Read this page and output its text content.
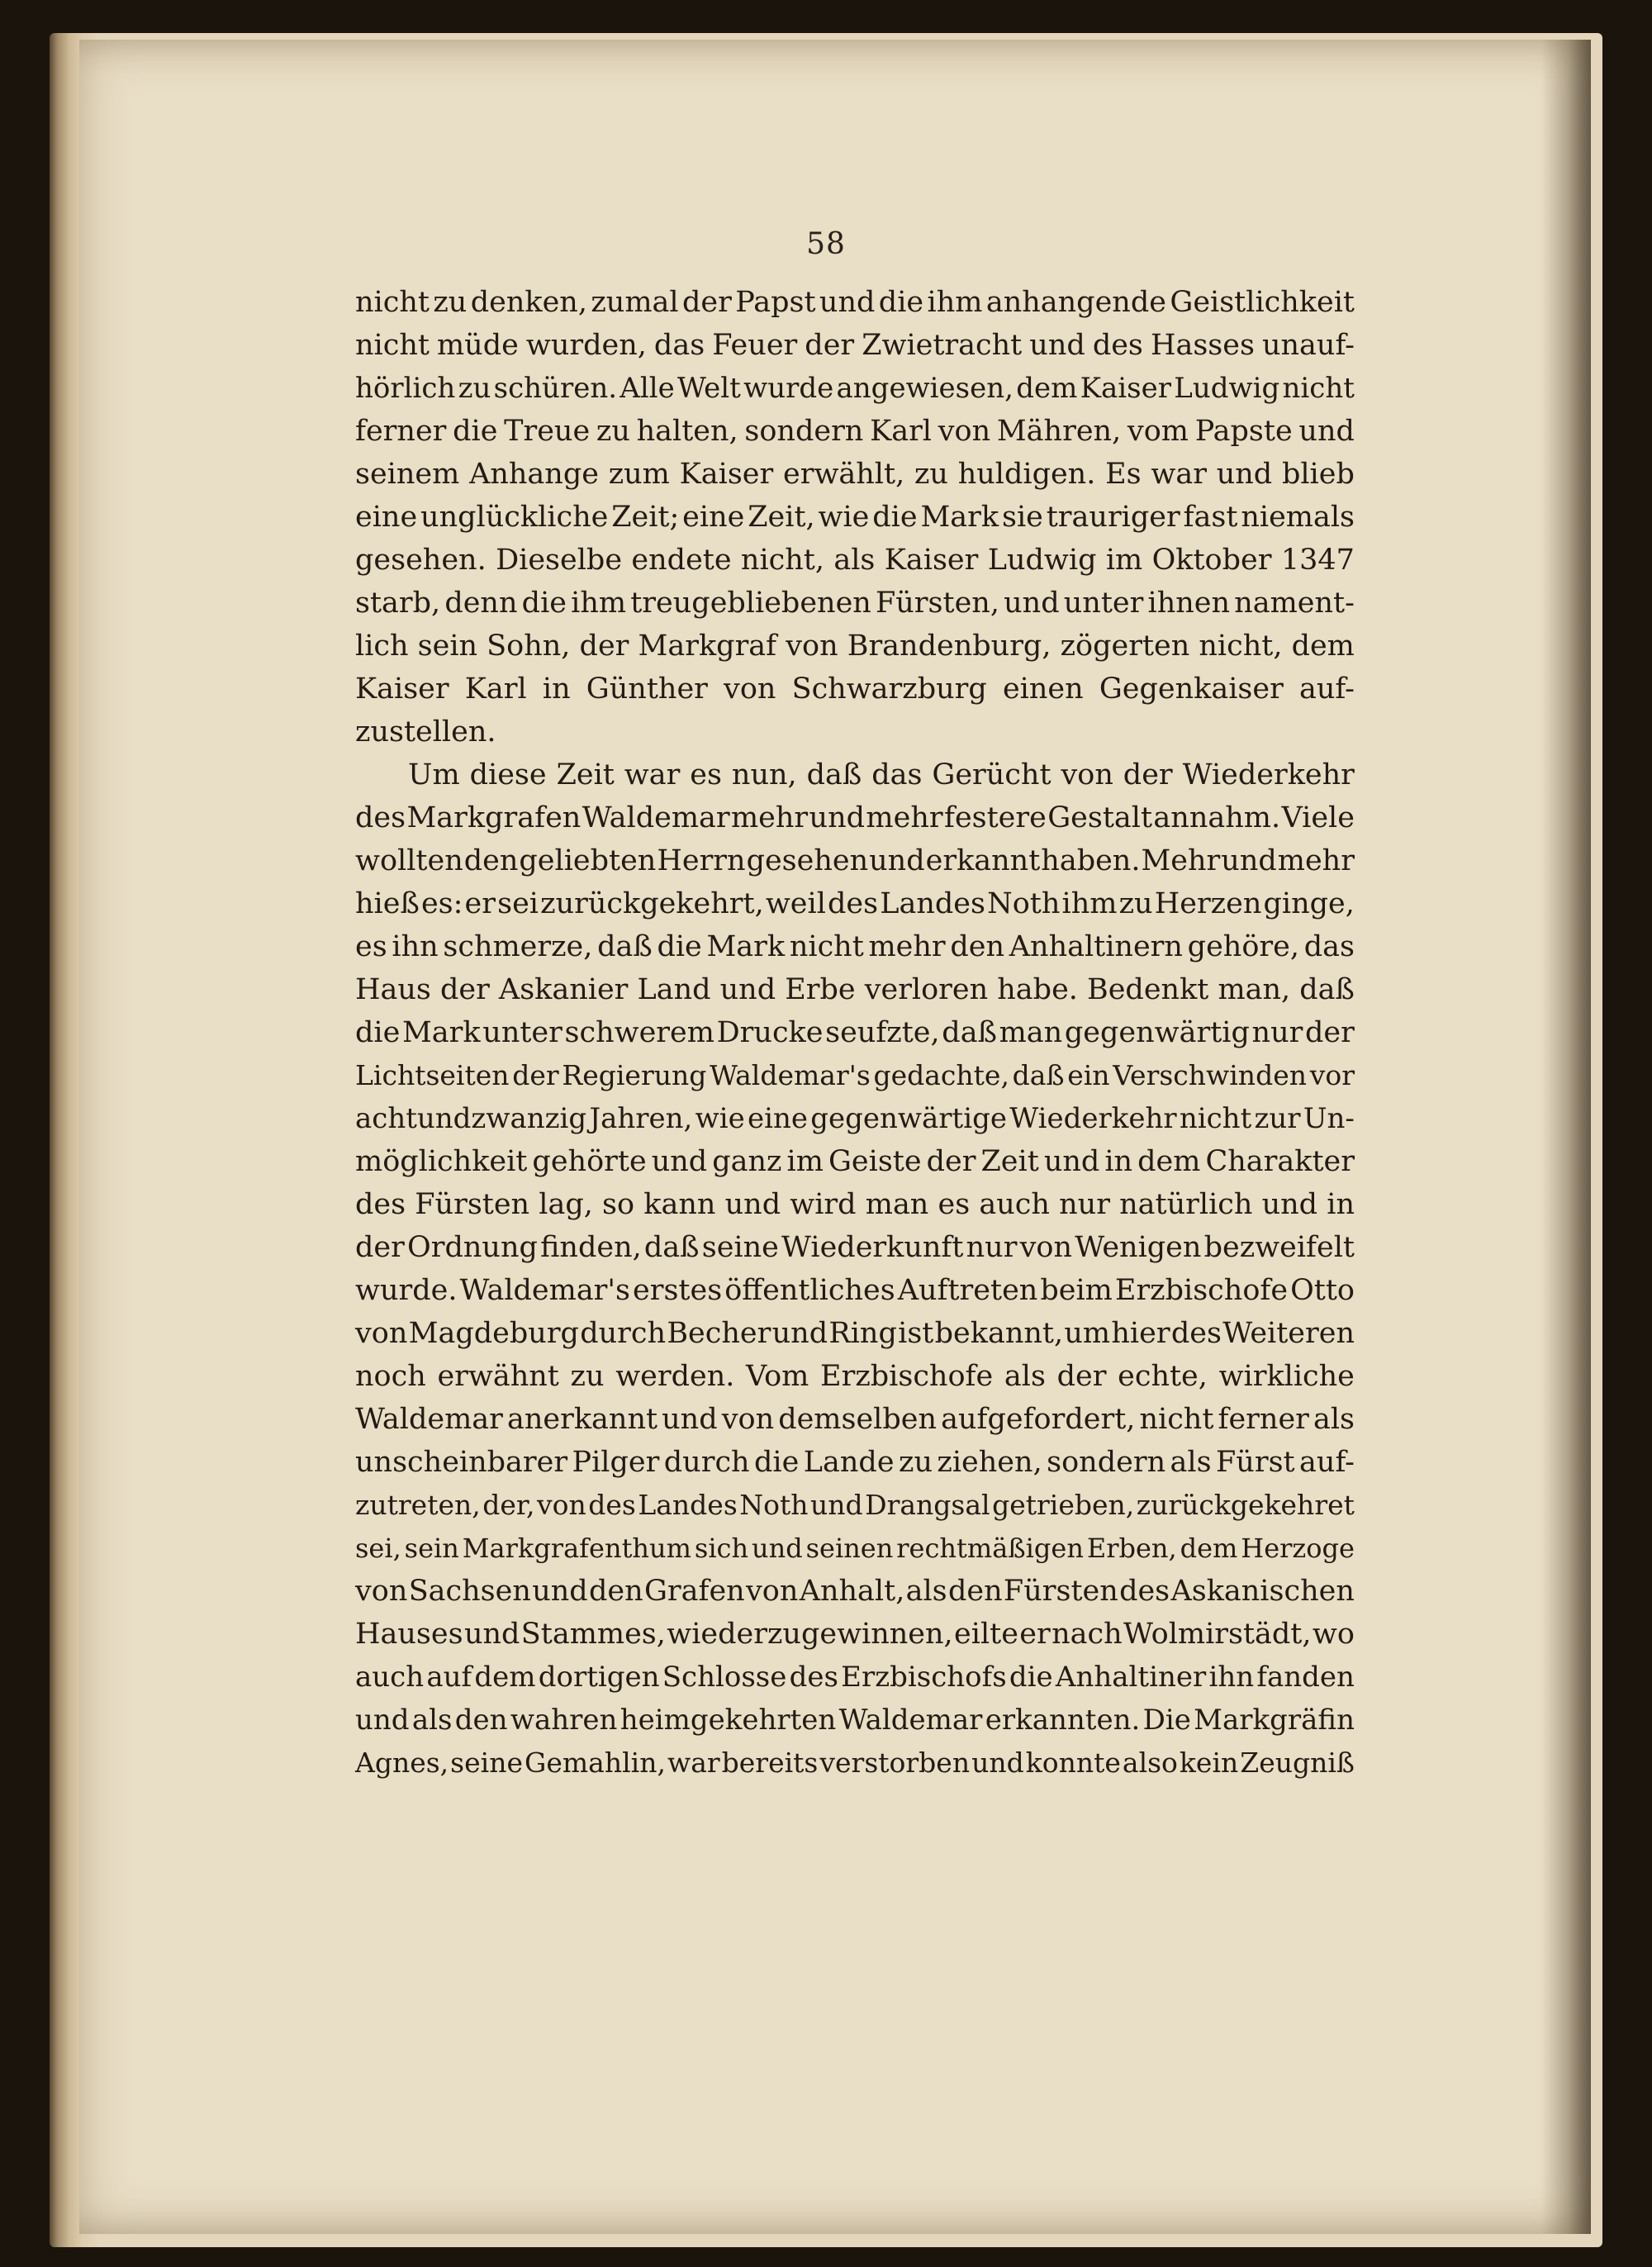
58
nicht zu denken, zumal der Papst und die ihm anhangende Geistlichkeit
nicht müde wurden, das Feuer der Zwietracht und des Hasses unauf-
hörlich zu schüren. Alle Welt wurde angewiesen, dem Kaiser Ludwig nicht
ferner die Treue zu halten, sondern Karl von Mähren, vom Papste und
seinem Anhange zum Kaiser erwählt, zu huldigen. Es war und blieb
eine unglückliche Zeit; eine Zeit, wie die Mark sie trauriger fast niemals
gesehen. Dieselbe endete nicht, als Kaiser Ludwig im Oktober 1347
starb, denn die ihm treugebliebenen Fürsten, und unter ihnen nament-
lich sein Sohn, der Markgraf von Brandenburg, zögerten nicht, dem
Kaiser Karl in Günther von Schwarzburg einen Gegenkaiser auf-
zustellen.
Um diese Zeit war es nun, daß das Gerücht von der Wiederkehr
des Markgrafen Waldemar mehr und mehr festere Gestalt annahm. Viele
wollten den geliebten Herrn gesehen und erkannt haben. Mehr und mehr
hieß es: er sei zurückgekehrt, weil des Landes Noth ihm zu Herzen ginge,
es ihn schmerze, daß die Mark nicht mehr den Anhaltinern gehöre, das
Haus der Askanier Land und Erbe verloren habe. Bedenkt man, daß
die Mark unter schwerem Drucke seufzte, daß man gegenwärtig nur der
Lichtseiten der Regierung Waldemar's gedachte, daß ein Verschwinden vor
achtundzwanzig Jahren, wie eine gegenwärtige Wiederkehr nicht zur Un-
möglichkeit gehörte und ganz im Geiste der Zeit und in dem Charakter
des Fürsten lag, so kann und wird man es auch nur natürlich und in
der Ordnung finden, daß seine Wiederkunft nur von Wenigen bezweifelt
wurde. Waldemar's erstes öffentliches Auftreten beim Erzbischofe Otto
von Magdeburg durch Becher und Ring ist bekannt, um hier des Weiteren
noch erwähnt zu werden. Vom Erzbischofe als der echte, wirkliche
Waldemar anerkannt und von demselben aufgefordert, nicht ferner als
unscheinbarer Pilger durch die Lande zu ziehen, sondern als Fürst auf-
zutreten, der, von des Landes Noth und Drangsal getrieben, zurückgekehret
sei, sein Markgrafenthum sich und seinen rechtmäßigen Erben, dem Herzoge
von Sachsen und den Grafen von Anhalt, als den Fürsten des Askanischen
Hauses und Stammes, wiederzugewinnen, eilte er nach Wolmirstädt, wo
auch auf dem dortigen Schlosse des Erzbischofs die Anhaltiner ihn fanden
und als den wahren heimgekehrten Waldemar erkannten. Die Markgräfin
Agnes, seine Gemahlin, war bereits verstorben und konnte also kein Zeugniß
